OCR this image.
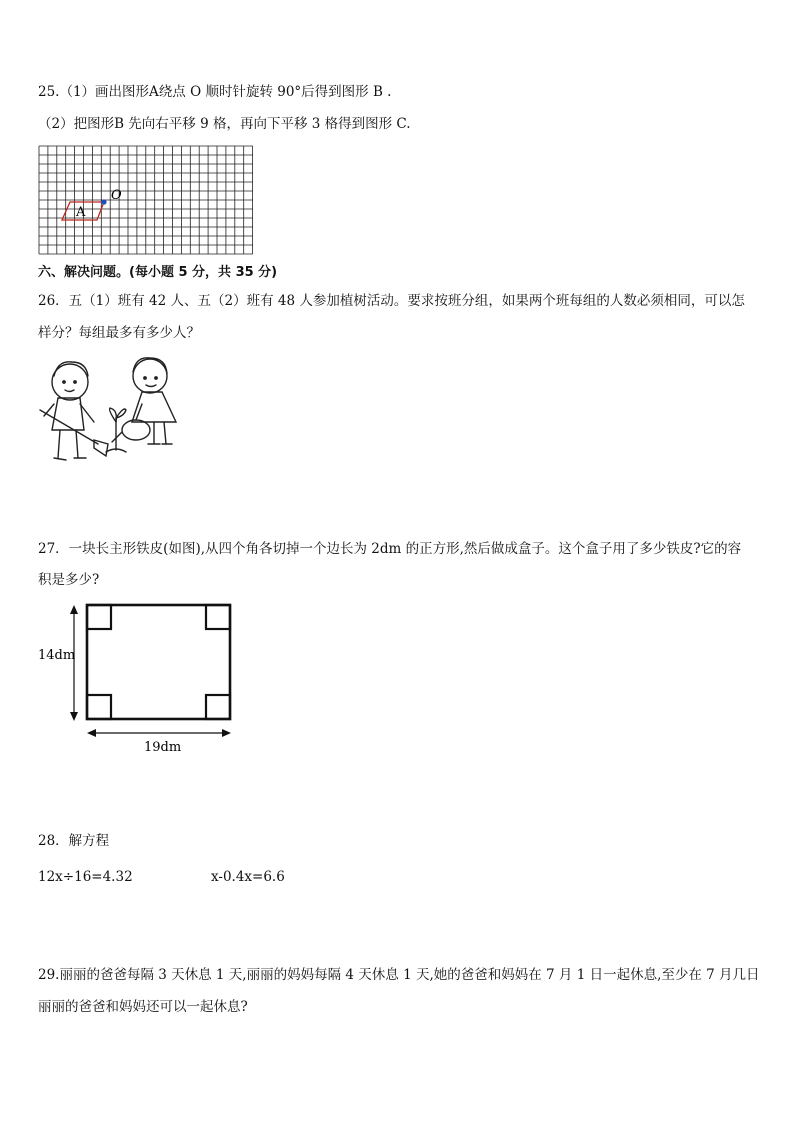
25.（1）画出图形A绕点 O 顺时针旋转 90°后得到图形 B .
（2）把图形B 先向右平移 9 格，再向下平移 3 格得到图形 C.
O
A
六、解决问题。(每小题 5 分，共 35 分)
26．五（1）班有 42 人、五（2）班有 48 人参加植树活动。要求按班分组，如果两个班每组的人数必须相同，可以怎
样分？每组最多有多少人？
27．一块长主形铁皮(如图),从四个角各切掉一个边长为 2dm 的正方形,然后做成盒子。这个盒子用了多少铁皮?它的容
积是多少?
14dm
19dm
28．解方程
12x÷16=4.32	x-0.4x=6.6
29.丽丽的爸爸每隔 3 天休息 1 天,丽丽的妈妈每隔 4 天休息 1 天,她的爸爸和妈妈在 7 月 1 日一起休息,至少在 7 月几日
丽丽的爸爸和妈妈还可以一起休息?
